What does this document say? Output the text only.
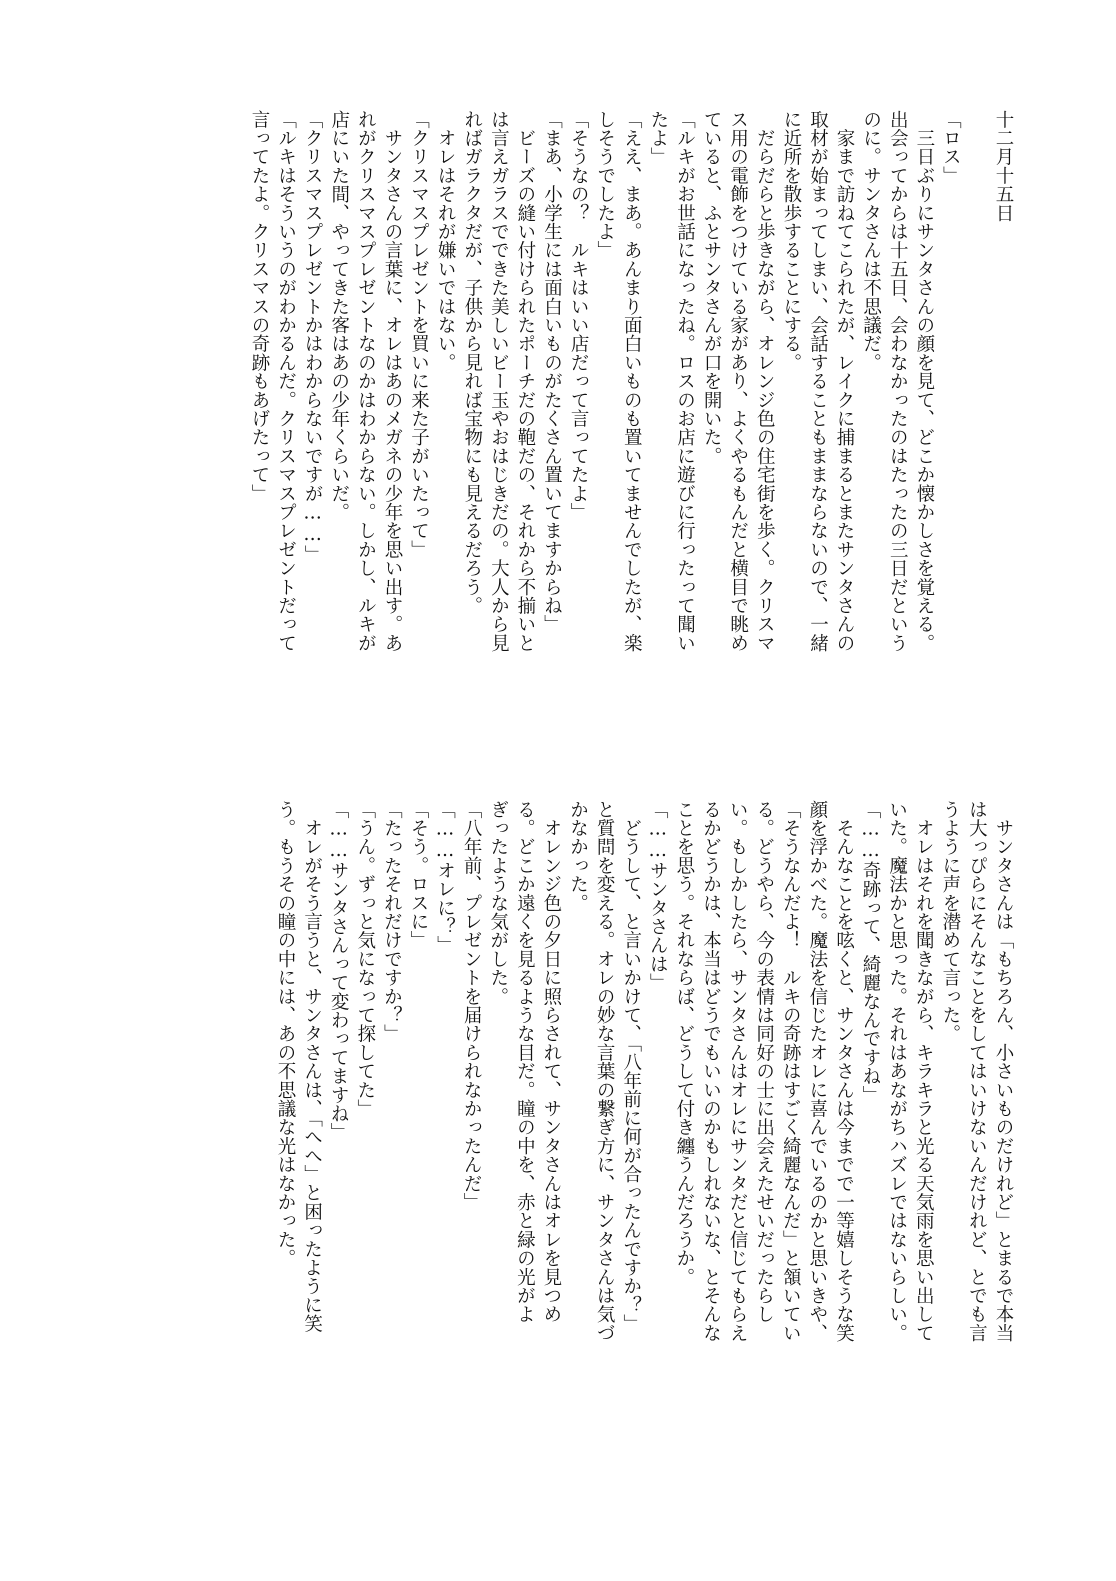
十二月十五日
「ロス」
　三日ぶりにサンタさんの顔を見て、どこか懐かしさを覚える。
出会ってからは十五日、会わなかったのはたったの三日だという
のに。サンタさんは不思議だ。
　家まで訪ねてこられたが、レイクに捕まるとまたサンタさんの
取材が始まってしまい、会話することもままならないので、一緒
に近所を散歩することにする。
　だらだらと歩きながら、オレンジ色の住宅街を歩く。クリスマ
ス用の電飾をつけている家があり、よくやるもんだと横目で眺め
ていると、ふとサンタさんが口を開いた。
「ルキがお世話になったね。ロスのお店に遊びに行ったって聞い
たよ」
「ええ、まあ。あんまり面白いものも置いてませんでしたが、楽
しそうでしたよ」
「そうなの？　ルキはいい店だって言ってたよ」
「まあ、小学生には面白いものがたくさん置いてますからね」
　ビーズの縫い付けられたポーチだの鞄だの、それから不揃いと
は言えガラスでできた美しいビー玉やおはじきだの。大人から見
ればガラクタだが、子供から見れば宝物にも見えるだろう。
　オレはそれが嫌いではない。
「クリスマスプレゼントを買いに来た子がいたって」
　サンタさんの言葉に、オレはあのメガネの少年を思い出す。あ
れがクリスマスプレゼントなのかはわからない。しかし、ルキが
店にいた間、やってきた客はあの少年くらいだ。
「クリスマスプレゼントかはわからないですが……」
「ルキはそういうのがわかるんだ。クリスマスプレゼントだって
言ってたよ。クリスマスの奇跡もあげたって」
　サンタさんは「もちろん、小さいものだけれど」とまるで本当
は大っぴらにそんなことをしてはいけないんだけれど、とでも言
うように声を潜めて言った。
　オレはそれを聞きながら、キラキラと光る天気雨を思い出して
いた。魔法かと思った。それはあながちハズレではないらしい。
「……奇跡って、綺麗なんですね」
　そんなことを呟くと、サンタさんは今までで一等嬉しそうな笑
顔を浮かべた。魔法を信じたオレに喜んでいるのかと思いきや、
「そうなんだよ！　ルキの奇跡はすごく綺麗なんだ」と頷いてい
る。どうやら、今の表情は同好の士に出会えたせいだったらし
い。もしかしたら、サンタさんはオレにサンタだと信じてもらえ
るかどうかは、本当はどうでもいいのかもしれないな、とそんな
ことを思う。それならば、どうして付き纏うんだろうか。
「……サンタさんは」
　どうして、と言いかけて、「八年前に何が合ったんですか？」
と質問を変える。オレの妙な言葉の繋ぎ方に、サンタさんは気づ
かなかった。
　オレンジ色の夕日に照らされて、サンタさんはオレを見つめ
る。どこか遠くを見るような目だ。瞳の中を、赤と緑の光がよ
ぎったような気がした。
「八年前、プレゼントを届けられなかったんだ」
「……オレに？」
「そう。ロスに」
「たったそれだけですか？」
「うん。ずっと気になって探してた」
「……サンタさんって変わってますね」
　オレがそう言うと、サンタさんは、「へへ」と困ったように笑
う。もうその瞳の中には、あの不思議な光はなかった。
